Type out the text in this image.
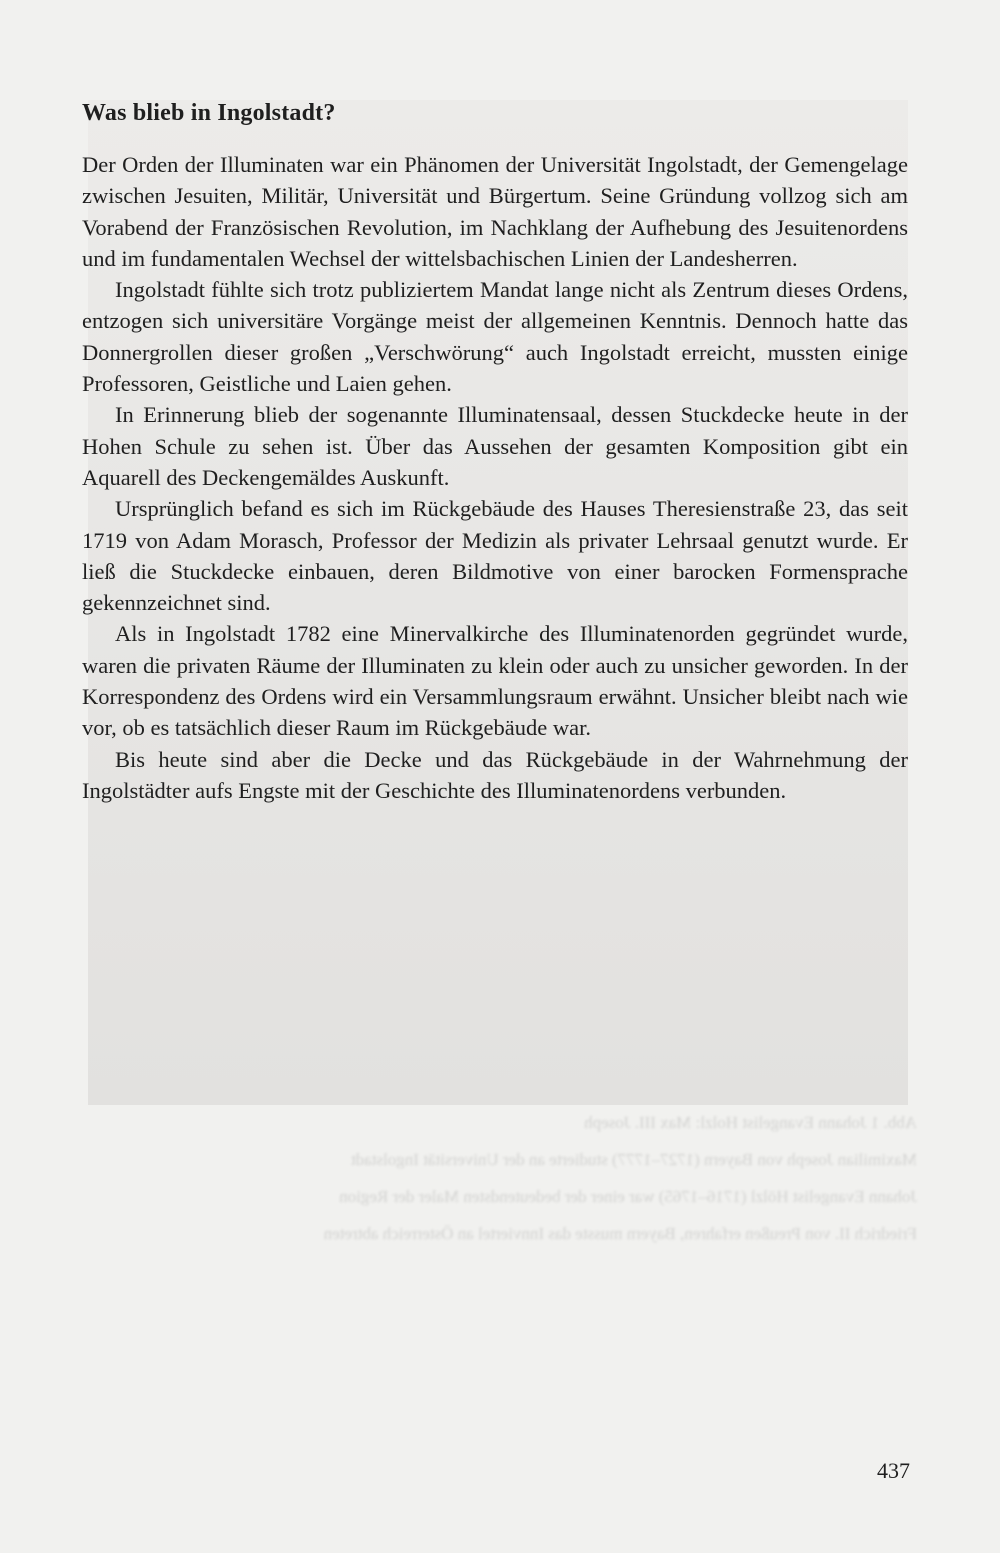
Abb. 1 Johann Evangelist Holzl: Max III. Joseph

Maximilian Joseph von Bayern (1727–1777) studierte an der Universität Ingolstadt

Johann Evangelist Hölzl (1716–1765) war einer der bedeutendsten Maler der Region

Friedrich II. von Preußen erfahren, Bayern musste das Innviertel an Österreich abtreten

Was blieb in Ingolstadt?

Der Orden der Illuminaten war ein Phänomen der Universität Ingolstadt, der Gemengelage zwischen Jesuiten, Militär, Universität und Bürgertum. Seine Gründung vollzog sich am Vorabend der Französischen Revolution, im Nachklang der Aufhebung des Jesuitenordens und im fundamentalen Wechsel der wittelsbachischen Linien der Landesherren.

Ingolstadt fühlte sich trotz publiziertem Mandat lange nicht als Zentrum dieses Ordens, entzogen sich universitäre Vorgänge meist der allgemeinen Kenntnis. Dennoch hatte das Donnergrollen dieser großen „Verschwörung“ auch Ingolstadt erreicht, mussten einige Professoren, Geistliche und Laien gehen.

In Erinnerung blieb der sogenannte Illuminatensaal, dessen Stuckdecke heute in der Hohen Schule zu sehen ist. Über das Aussehen der gesamten Komposition gibt ein Aquarell des Deckengemäldes Auskunft.

Ursprünglich befand es sich im Rückgebäude des Hauses Theresienstraße 23, das seit 1719 von Adam Morasch, Professor der Medizin als privater Lehrsaal genutzt wurde. Er ließ die Stuckdecke einbauen, deren Bildmotive von einer barocken Formensprache gekennzeichnet sind.

Als in Ingolstadt 1782 eine Minervalkirche des Illuminatenorden gegründet wurde, waren die privaten Räume der Illuminaten zu klein oder auch zu unsicher geworden. In der Korrespondenz des Ordens wird ein Versammlungsraum erwähnt. Unsicher bleibt nach wie vor, ob es tatsächlich dieser Raum im Rückgebäude war.

Bis heute sind aber die Decke und das Rückgebäude in der Wahrnehmung der Ingolstädter aufs Engste mit der Geschichte des Illuminatenordens verbunden.

437
